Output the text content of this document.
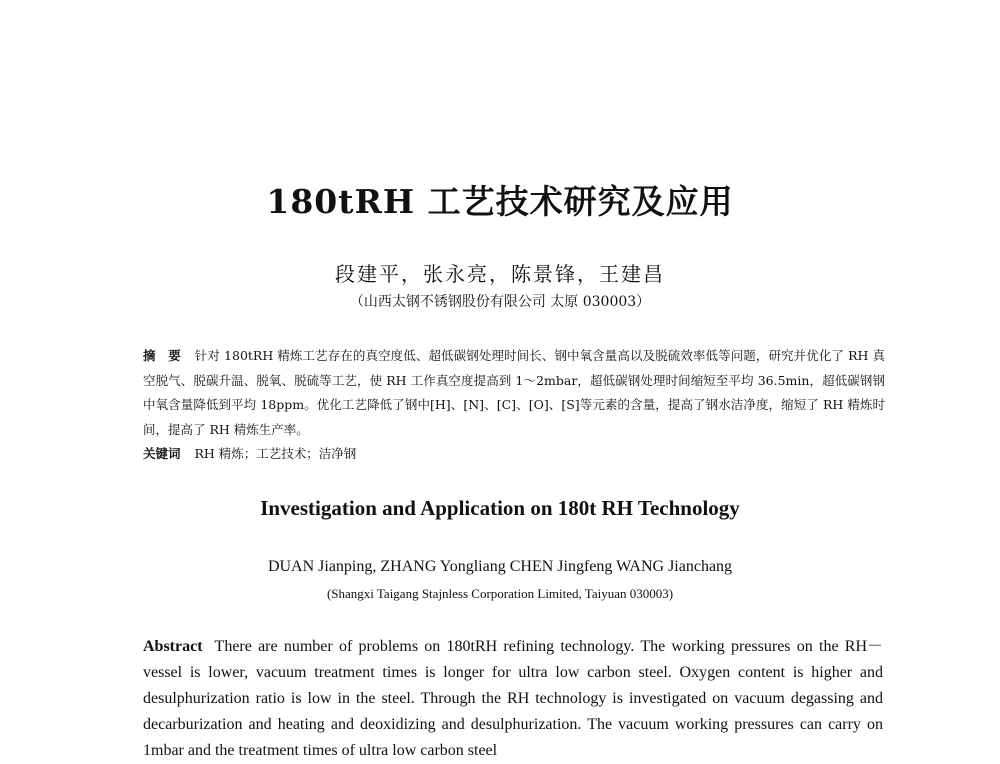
180tRH 工艺技术研究及应用
段建平，张永亮，陈景锋，王建昌
（山西太钢不锈钢股份有限公司 太原 030003）
摘　要 针对 180tRH 精炼工艺存在的真空度低、超低碳钢处理时间长、钢中氧含量高以及脱硫效率低等问题，研究并优化了 RH 真空脱气、脱碳升温、脱氧、脱硫等工艺，使 RH 工作真空度提高到 1～2mbar，超低碳钢处理时间缩短至平均 36.5min，超低碳钢钢中氧含量降低到平均 18ppm。优化工艺降低了钢中[H]、[N]、[C]、[O]、[S]等元素的含量，提高了钢水洁净度，缩短了 RH 精炼时间，提高了 RH 精炼生产率。
关键词 RH 精炼；工艺技术；洁净钢
Investigation and Application on 180t RH Technology
DUAN Jianping, ZHANG Yongliang CHEN Jingfeng WANG Jianchang
(Shangxi Taigang Stajnless Corporation Limited, Taiyuan 030003)
Abstract There are number of problems on 180tRH refining technology. The working pressures on the RH－vessel is lower, vacuum treatment times is longer for ultra low carbon steel. Oxygen content is higher and desulphurization ratio is low in the steel. Through the RH technology is investigated on vacuum degassing and decarburization and heating and deoxidizing and desulphurization. The vacuum working pressures can carry on 1mbar and the treatment times of ultra low carbon steel
